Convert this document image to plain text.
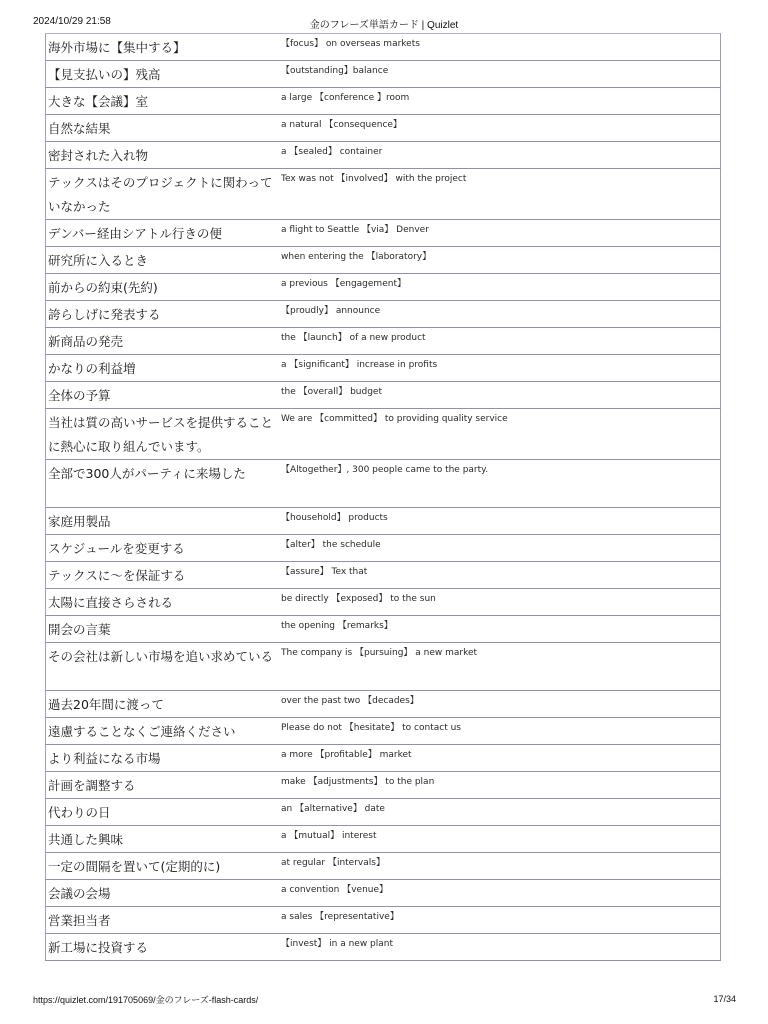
2024/10/29 21:58	金のフレーズ単語カード | Quizlet
海外市場に【集中する】	【focus】 on overseas markets
【見支払いの】残高	【outstanding】balance
大きな【会議】室	a large 【conference 】room
自然な結果	a natural 【consequence】
密封された入れ物	a 【sealed】 container
テックスはそのプロジェクトに関わっていなかった	Tex was not 【involved】 with the project
デンバー経由シアトル行きの便	a flight to Seattle 【via】 Denver
研究所に入るとき	when entering the 【laboratory】
前からの約束(先約)	a previous 【engagement】
誇らしげに発表する	【proudly】 announce
新商品の発売	the 【launch】 of a new product
かなりの利益増	a 【significant】 increase in profits
全体の予算	the 【overall】 budget
当社は質の高いサービスを提供することに熱心に取り組んでいます。	We are 【committed】 to providing quality service
全部で300人がパーティに来場した	【Altogether】, 300 people came to the party.
家庭用製品	【household】 products
スケジュールを変更する	【alter】 the schedule
テックスに～を保証する	【assure】 Tex that
太陽に直接さらされる	be directly 【exposed】 to the sun
開会の言葉	the opening 【remarks】
その会社は新しい市場を追い求めている	The company is 【pursuing】 a new market
過去20年間に渡って	over the past two 【decades】
遠慮することなくご連絡ください	Please do not 【hesitate】 to contact us
より利益になる市場	a more 【profitable】 market
計画を調整する	make 【adjustments】 to the plan
代わりの日	an 【alternative】 date
共通した興味	a 【mutual】 interest
一定の間隔を置いて(定期的に)	at regular 【intervals】
会議の会場	a convention 【venue】
営業担当者	a sales 【representative】
新工場に投資する	【invest】 in a new plant
https://quizlet.com/191705069/金のフレーズ-flash-cards/	17/34
